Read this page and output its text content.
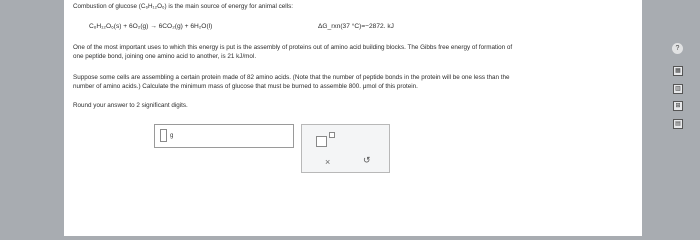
Combustion of glucose (C₆H₁₂O₆) is the main source of energy for animal cells:
C₆H₁₂O₆(s) + 6O₂(g) → 6CO₂(g) + 6H₂O(l)	ΔG_rxn(37 °C)=−2872. kJ
One of the most important uses to which this energy is put is the assembly of proteins out of amino acid building blocks. The Gibbs free energy of formation of
one peptide bond, joining one amino acid to another, is 21 kJ/mol.
Suppose some cells are assembling a certain protein made of 82 amino acids. (Note that the number of peptide bonds in the protein will be one less than the
number of amino acids.) Calculate the minimum mass of glucose that must be burned to assemble 800. μmol of this protein.
Round your answer to 2 significant digits.
g
×	↺
?
▦
▥
⊞
▤
